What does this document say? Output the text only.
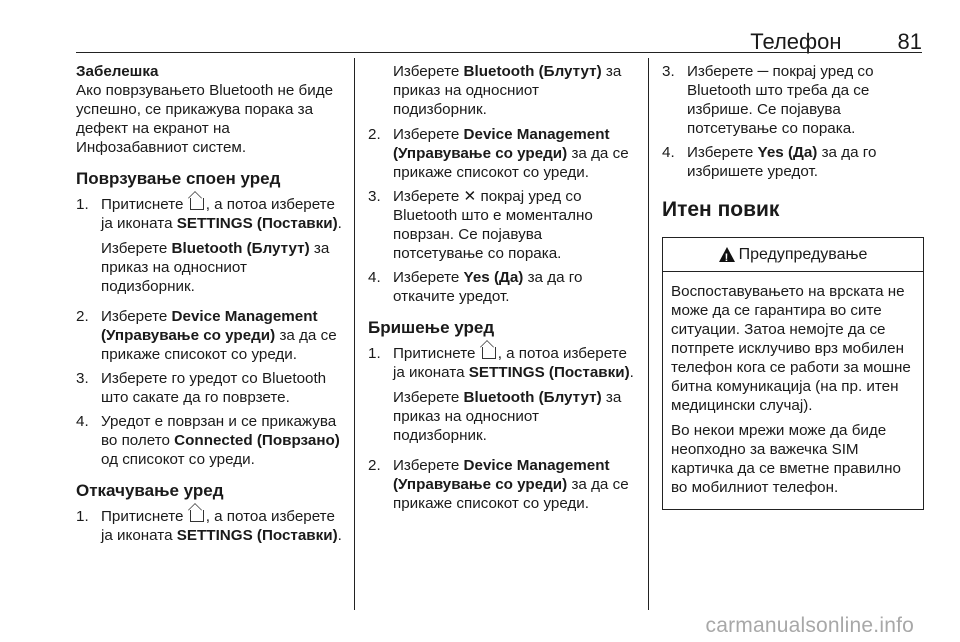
Телефон	81
Забелешка
Ако поврзувањето Bluetooth не биде успешно, се прикажува порака за дефект на екранот на Инфозабавниот систем.
Поврзување споен уред
1. Притиснете , а потоа изберете ја иконата SETTINGS (Поставки).

Изберете Bluetooth (Блутут) за приказ на односниот подизборник.

2. Изберете Device Management (Управување со уреди) за да се прикаже списокот со уреди.
3. Изберете го уредот со Bluetooth што сакате да го поврзете.
4. Уредот е поврзан и се прикажува во полето Connected (Поврзано) од списокот со уреди.
Откачување уред
1. Притиснете , а потоа изберете ја иконата SETTINGS (Поставки).

Изберете Bluetooth (Блутут) за приказ на односниот подизборник.

2. Изберете Device Management (Управување со уреди) за да се прикаже списокот со уреди.
3. Изберете ✕ покрај уред со Bluetooth што е моментално поврзан. Се појавува потсетување со порака.
4. Изберете Yes (Да) за да го откачите уредот.
Бришење уред
1. Притиснете , а потоа изберете ја иконата SETTINGS (Поставки).

Изберете Bluetooth (Блутут) за приказ на односниот подизборник.

2. Изберете Device Management (Управување со уреди) за да се прикаже списокот со уреди.
3. Изберете ─ покрај уред со Bluetooth што треба да се избрише. Се појавува потсетување со порака.
4. Изберете Yes (Да) за да го избришете уредот.
Итен повик
!
Предупредување

Воспоставувањето на врската не може да се гарантира во сите ситуации. Затоа немојте да се потпрете исклучиво врз мобилен телефон кога се работи за мошне битна комуникација (на пр. итен медицински случај).

Во некои мрежи може да биде неопходно за важечка SIM картичка да се вметне правилно во мобилниот телефон.

carmanualsonline.info
